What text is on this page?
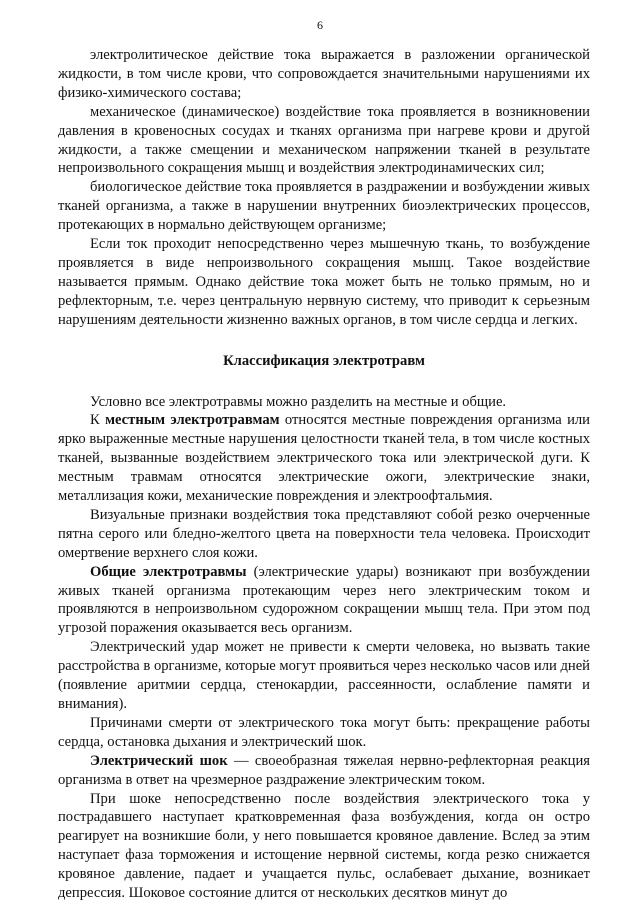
6

электролитическое действие тока выражается в разложении органической жидкости, в том числе крови, что сопровождается значительными нарушениями их физико-химического состава;

механическое (динамическое) воздействие тока проявляется в возникновении давления в кровеносных сосудах и тканях организма при нагреве крови и другой жидкости, а также смещении и механическом напряжении тканей в результате непроизвольного сокращения мышц и воздействия электродинамических сил;

биологическое действие тока проявляется в раздражении и возбуждении живых тканей организма, а также в нарушении внутренних биоэлектрических процессов, протекающих в нормально действующем организме;

Если ток проходит непосредственно через мышечную ткань, то возбуждение проявляется в виде непроизвольного сокращения мышц. Такое воздействие называется прямым. Однако действие тока может быть не только прямым, но и рефлекторным, т.е. через центральную нервную систему, что приводит к серьезным нарушениям деятельности жизненно важных органов, в том числе сердца и легких.

Классификация электротравм

Условно все электротравмы можно разделить на местные и общие.

К местным электротравмам относятся местные повреждения организма или ярко выраженные местные нарушения целостности тканей тела, в том числе костных тканей, вызванные воздействием электрического тока или электрической дуги. К местным травмам относятся электрические ожоги, электрические знаки, металлизация кожи, механические повреждения и электроофтальмия.

Визуальные признаки воздействия тока представляют собой резко очерченные пятна серого или бледно-желтого цвета на поверхности тела человека. Происходит омертвение верхнего слоя кожи.

Общие электротравмы (электрические удары) возникают при возбуждении живых тканей организма протекающим через него электрическим током и проявляются в непроизвольном судорожном сокращении мышц тела. При этом под угрозой поражения оказывается весь организм.

Электрический удар может не привести к смерти человека, но вызвать такие расстройства в организме, которые могут проявиться через несколько часов или дней (появление аритмии сердца, стенокардии, рассеянности, ослабление памяти и внимания).

Причинами смерти от электрического тока могут быть: прекращение работы сердца, остановка дыхания и электрический шок.

Электрический шок — своеобразная тяжелая нервно-рефлекторная реакция организма в ответ на чрезмерное раздражение электрическим током.

При шоке непосредственно после воздействия электрического тока у пострадавшего наступает кратковременная фаза возбуждения, когда он остро реагирует на возникшие боли, у него повышается кровяное давление. Вслед за этим наступает фаза торможения и истощение нервной системы, когда резко снижается кровяное давление, падает и учащается пульс, ослабевает дыхание, возникает депрессия. Шоковое состояние длится от нескольких десятков минут до
